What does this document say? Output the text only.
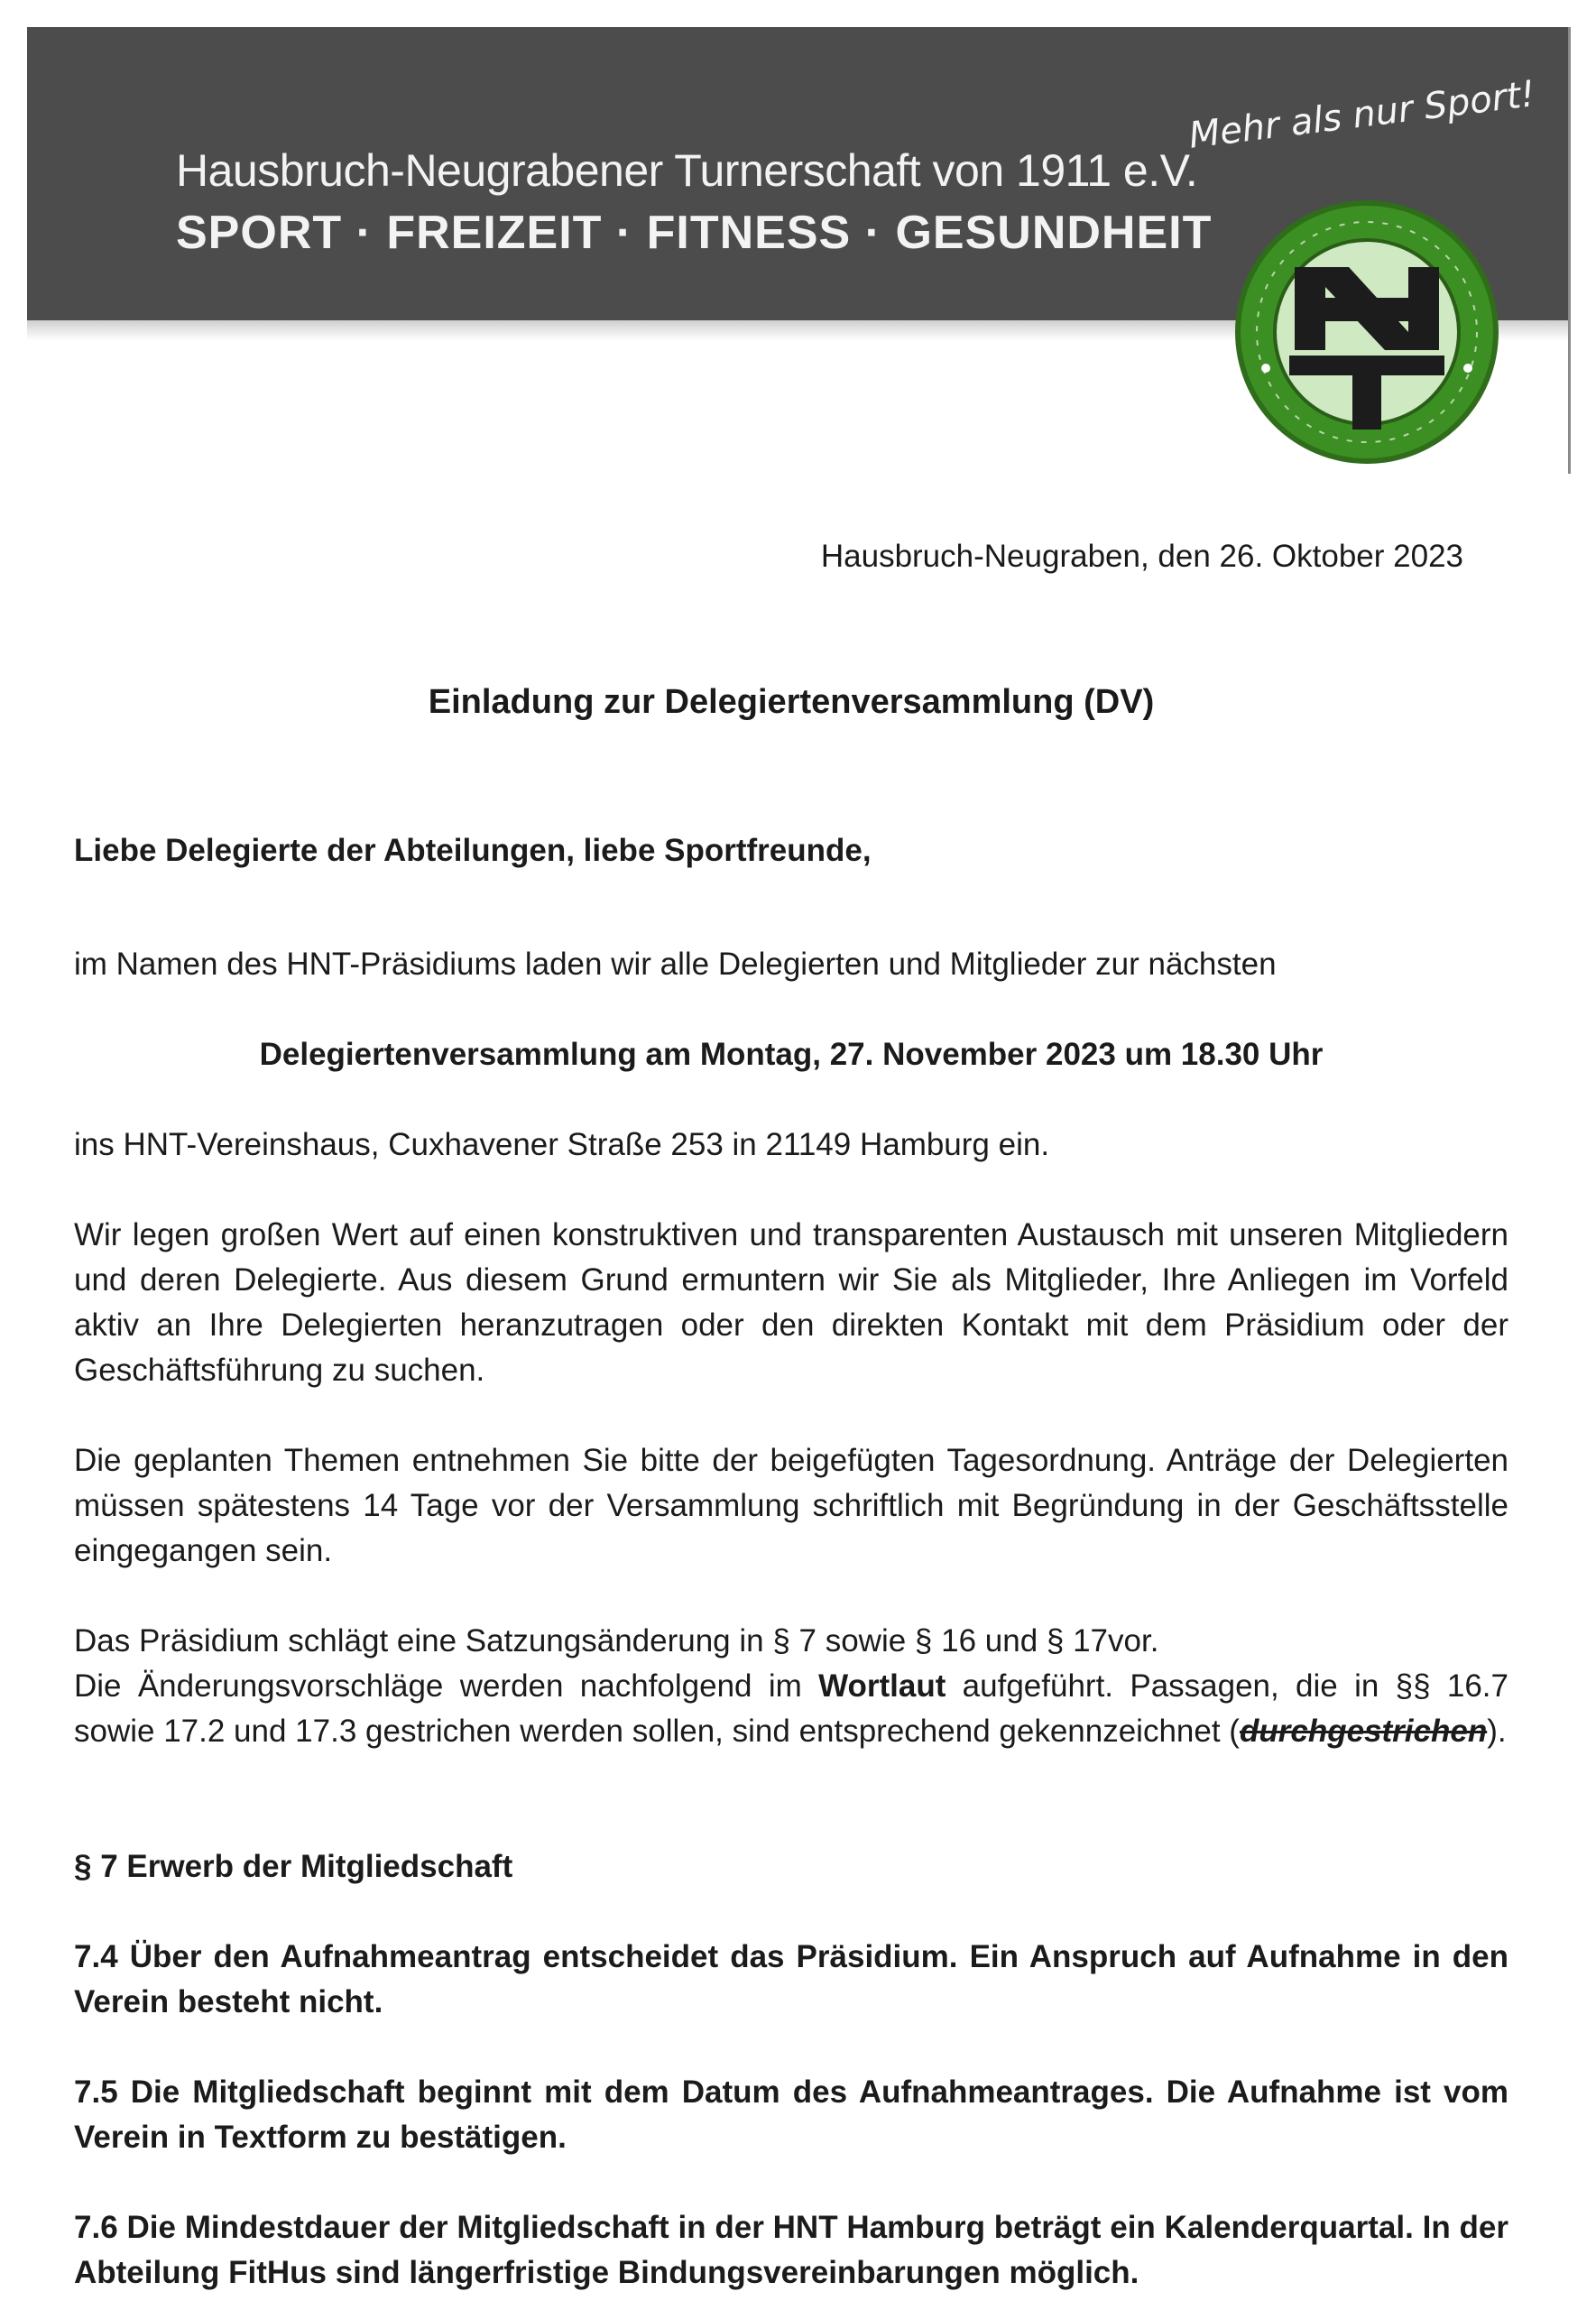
Hausbruch-Neugrabener Turnerschaft von 1911 e.V.
SPORT · FREIZEIT · FITNESS · GESUNDHEIT
Mehr als nur Sport!
Hausbruch-Neugraben, den 26. Oktober 2023
Einladung zur Delegiertenversammlung (DV)
Liebe Delegierte der Abteilungen, liebe Sportfreunde,
im Namen des HNT-Präsidiums laden wir alle Delegierten und Mitglieder zur nächsten
Delegiertenversammlung am Montag, 27. November 2023 um 18.30 Uhr
ins HNT-Vereinshaus, Cuxhavener Straße 253 in 21149 Hamburg ein.
Wir legen großen Wert auf einen konstruktiven und transparenten Austausch mit unseren Mitgliedern und deren Delegierte. Aus diesem Grund ermuntern wir Sie als Mitglieder, Ihre Anliegen im Vorfeld aktiv an Ihre Delegierten heranzutragen oder den direkten Kontakt mit dem Präsidium oder der Geschäftsführung zu suchen.
Die geplanten Themen entnehmen Sie bitte der beigefügten Tagesordnung. Anträge der Delegierten müssen spätestens 14 Tage vor der Versammlung schriftlich mit Begründung in der Geschäftsstelle eingegangen sein.
Das Präsidium schlägt eine Satzungsänderung in § 7 sowie § 16 und § 17vor.
Die Änderungsvorschläge werden nachfolgend im Wortlaut aufgeführt. Passagen, die in §§ 16.7 sowie 17.2 und 17.3 gestrichen werden sollen, sind entsprechend gekennzeichnet (durchgestrichen).
§ 7 Erwerb der Mitgliedschaft
7.4 Über den Aufnahmeantrag entscheidet das Präsidium. Ein Anspruch auf Aufnahme in den Verein besteht nicht.
7.5 Die Mitgliedschaft beginnt mit dem Datum des Aufnahmeantrages. Die Aufnahme ist vom Verein in Textform zu bestätigen.
7.6 Die Mindestdauer der Mitgliedschaft in der HNT Hamburg beträgt ein Kalenderquartal. In der Abteilung FitHus sind längerfristige Bindungsvereinbarungen möglich.
